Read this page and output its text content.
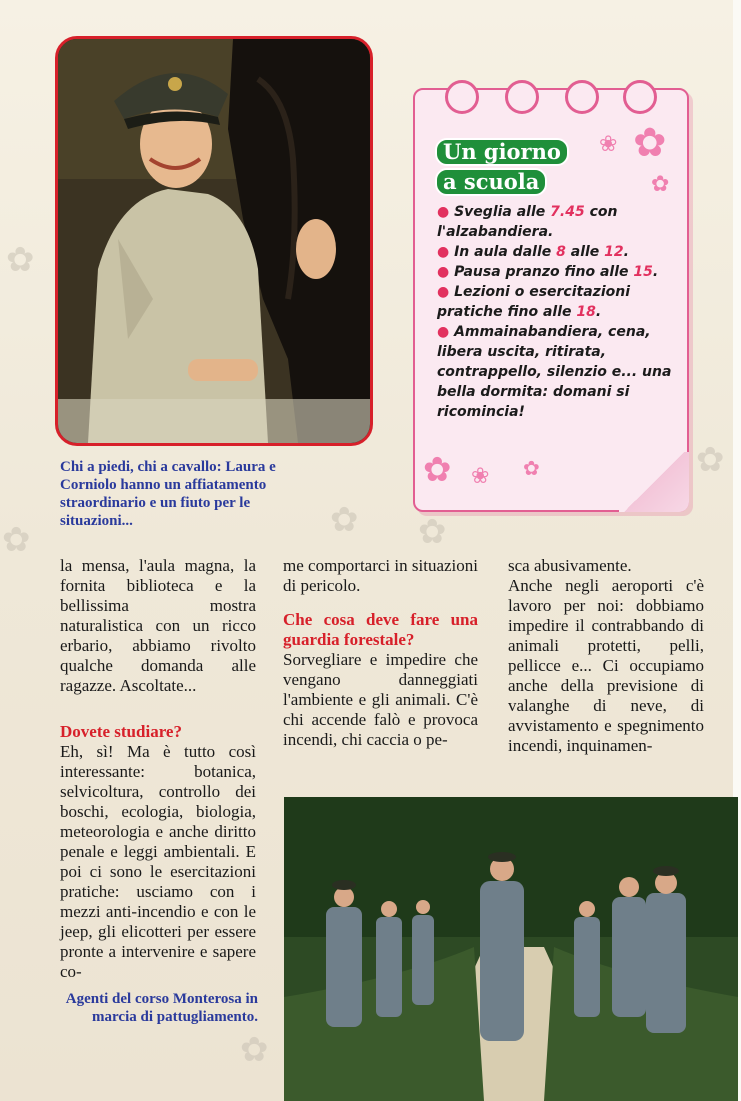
✿
✿ ✿
✿
✿
✿
Chi a piedi, chi a cavallo: Laura e Corniolo hanno un affiatamento straordinario e un fiuto per le situazioni...
✿
❀
✿
✿ ❀ ✿
Un giorno
a scuola

● Sveglia alle 7.45 con l'alzabandiera.

● In aula dalle 8 alle 12.

● Pausa pranzo fino alle 15.

● Lezioni o esercitazioni pratiche fino alle 18.

● Ammainabandiera, cena, libera uscita, ritirata, contrappello, silenzio e... una bella dormita: domani si ricomincia!

la mensa, l'aula magna, la fornita biblioteca e la bellissima mostra naturalistica con un ricco erbario, abbiamo rivolto qualche domanda alle ragazze. Ascoltate...

Dovete studiare?

Eh, sì! Ma è tutto così interessante: botanica, selvicoltura, controllo dei boschi, ecologia, biologia, meteorologia e anche diritto penale e leggi ambientali. E poi ci sono le esercitazioni pratiche: usciamo con i mezzi anti-incendio e con le jeep, gli elicotteri per essere pronte a intervenire e sapere co-

me comportarci in situazioni di pericolo.

Che cosa deve fare una guardia forestale?

Sorvegliare e impedire che vengano danneggiati l'ambiente e gli animali. C'è chi accende falò e provoca incendi, chi caccia o pe-

sca abusivamente.

Anche negli aeroporti c'è lavoro per noi: dobbiamo impedire il contrabbando di animali protetti, pelli, pellicce e... Ci occupiamo anche della previsione di valanghe di neve, di avvistamento e spegnimento incendi, inquinamen-

Agenti del corso Monterosa in marcia di pattugliamento.
